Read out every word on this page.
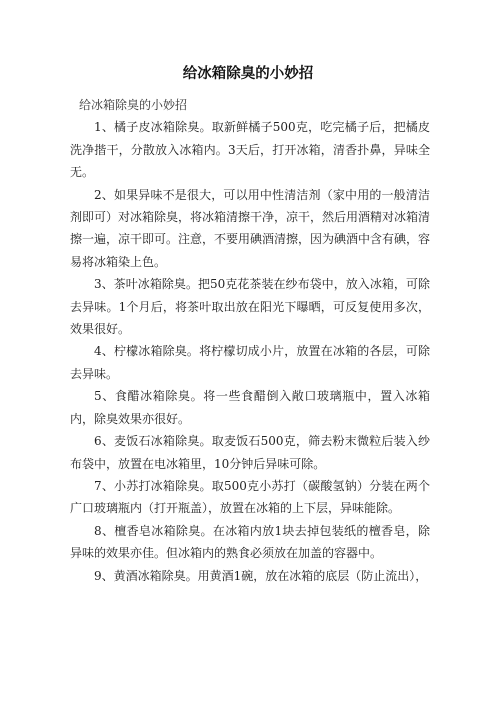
给冰箱除臭的小妙招

给冰箱除臭的小妙招

1、橘子皮冰箱除臭。取新鲜橘子500克，吃完橘子后，把橘皮洗净揩干，分散放入冰箱内。3天后，打开冰箱，清香扑鼻，异味全无。

2、如果异味不是很大，可以用中性清洁剂（家中用的一般清洁剂即可）对冰箱除臭，将冰箱清擦干净，凉干，然后用酒精对冰箱清擦一遍，凉干即可。注意，不要用碘酒清擦，因为碘酒中含有碘，容易将冰箱染上色。

3、茶叶冰箱除臭。把50克花茶装在纱布袋中，放入冰箱，可除去异味。1个月后，将茶叶取出放在阳光下曝晒，可反复使用多次，效果很好。

4、柠檬冰箱除臭。将柠檬切成小片，放置在冰箱的各层，可除去异味。

5、食醋冰箱除臭。将一些食醋倒入敞口玻璃瓶中，置入冰箱内，除臭效果亦很好。

6、麦饭石冰箱除臭。取麦饭石500克，筛去粉末微粒后装入纱布袋中，放置在电冰箱里，10分钟后异味可除。

7、小苏打冰箱除臭。取500克小苏打（碳酸氢钠）分装在两个广口玻璃瓶内（打开瓶盖），放置在冰箱的上下层，异味能除。

8、檀香皂冰箱除臭。在冰箱内放1块去掉包装纸的檀香皂，除异味的效果亦佳。但冰箱内的熟食必须放在加盖的容器中。

9、黄酒冰箱除臭。用黄酒1碗，放在冰箱的底层（防止流出），
